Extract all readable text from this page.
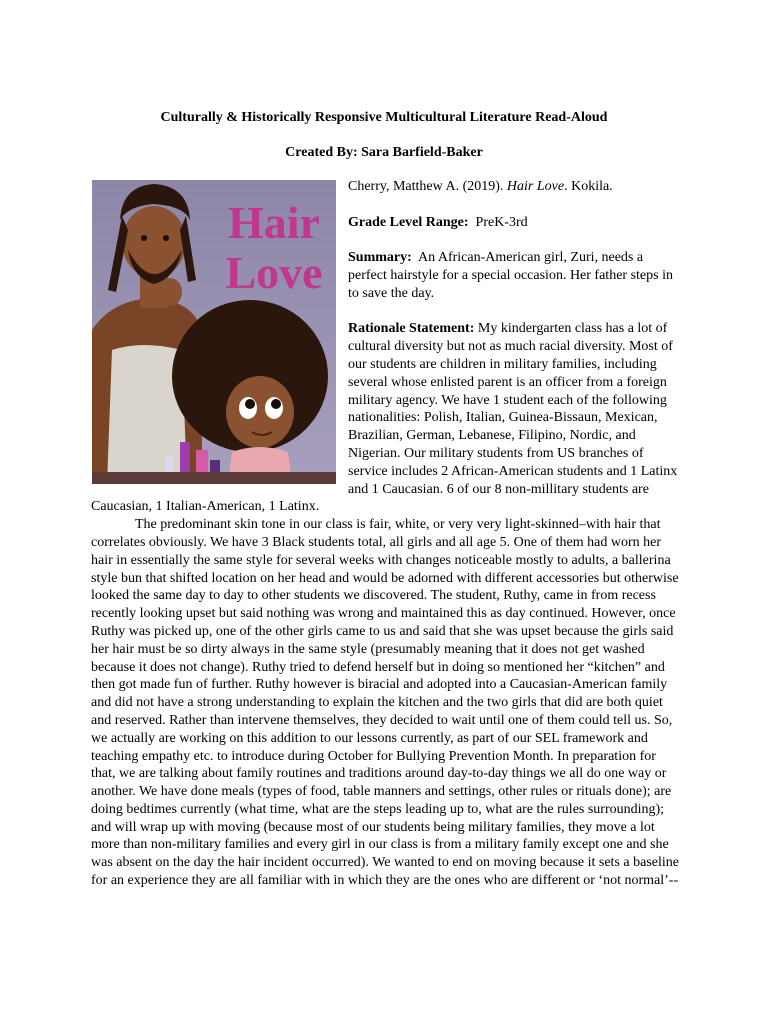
Culturally & Historically Responsive Multicultural Literature Read-Aloud
Created By: Sara Barfield-Baker
Hair
Love

Cherry, Matthew A. (2019). Hair Love. Kokila.

Grade Level Range: PreK-3rd

Summary: An African-American girl, Zuri, needs a perfect hairstyle for a special occasion. Her father steps in to save the day.

Rationale Statement: My kindergarten class has a lot of cultural diversity but not as much racial diversity. Most of our students are children in military families, including several whose enlisted parent is an officer from a foreign military agency. We have 1 student each of the following nationalities: Polish, Italian, Guinea-Bissaun, Mexican, Brazilian, German, Lebanese, Filipino, Nordic, and Nigerian. Our military students from US branches of service includes 2 African-American students and 1 Latinx and 1 Caucasian. 6 of our 8 non-millitary students are Caucasian, 1 Italian-American, 1 Latinx.

The predominant skin tone in our class is fair, white, or very very light-skinned–with hair that correlates obviously. We have 3 Black students total, all girls and all age 5. One of them had worn her hair in essentially the same style for several weeks with changes noticeable mostly to adults, a ballerina style bun that shifted location on her head and would be adorned with different accessories but otherwise looked the same day to day to other students we discovered. The student, Ruthy, came in from recess recently looking upset but said nothing was wrong and maintained this as day continued. However, once Ruthy was picked up, one of the other girls came to us and said that she was upset because the girls said her hair must be so dirty always in the same style (presumably meaning that it does not get washed because it does not change). Ruthy tried to defend herself but in doing so mentioned her “kitchen” and then got made fun of further. Ruthy however is biracial and adopted into a Caucasian-American family and did not have a strong understanding to explain the kitchen and the two girls that did are both quiet and reserved. Rather than intervene themselves, they decided to wait until one of them could tell us. So, we actually are working on this addition to our lessons currently, as part of our SEL framework and teaching empathy etc. to introduce during October for Bullying Prevention Month. In preparation for that, we are talking about family routines and traditions around day-to-day things we all do one way or another. We have done meals (types of food, table manners and settings, other rules or rituals done); are doing bedtimes currently (what time, what are the steps leading up to, what are the rules surrounding); and will wrap up with moving (because most of our students being military families, they move a lot more than non-military families and every girl in our class is from a military family except one and she was absent on the day the hair incident occurred). We wanted to end on moving because it sets a baseline for an experience they are all familiar with in which they are the ones who are different or ‘not normal’--
